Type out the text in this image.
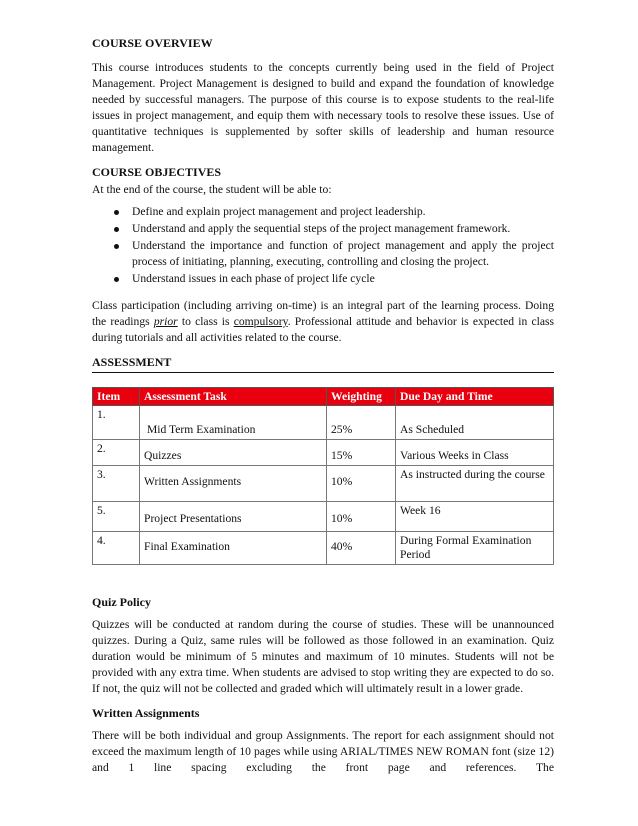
COURSE OVERVIEW

This course introduces students to the concepts currently being used in the field of Project Management. Project Management is designed to build and expand the foundation of knowledge needed by successful managers. The purpose of this course is to expose students to the real-life issues in project management, and equip them with necessary tools to resolve these issues. Use of quantitative techniques is supplemented by softer skills of leadership and human resource management.

COURSE OBJECTIVES

At the end of the course, the student will be able to:

Define and explain project management and project leadership.
Understand and apply the sequential steps of the project management framework.
Understand the importance and function of project management and apply the project process of initiating, planning, executing, controlling and closing the project.
Understand issues in each phase of project life cycle

Class participation (including arriving on-time) is an integral part of the learning process. Doing the readings prior to class is compulsory. Professional attitude and behavior is expected in class during tutorials and all activities related to the course.

ASSESSMENT
Item	Assessment Task	Weighting	Due Day and Time
1.	Mid Term Examination	25%	As Scheduled
2.	Quizzes	15%	Various Weeks in Class
3.	Written Assignments	10%	As instructed during the course
5.	Project Presentations	10%	Week 16
4.	Final Examination	40%	During Formal Examination Period
Quiz Policy

Quizzes will be conducted at random during the course of studies. These will be unannounced quizzes. During a Quiz, same rules will be followed as those followed in an examination. Quiz duration would be minimum of 5 minutes and maximum of 10 minutes. Students will not be provided with any extra time. When students are advised to stop writing they are expected to do so. If not, the quiz will not be collected and graded which will ultimately result in a lower grade.

Written Assignments

There will be both individual and group Assignments. The report for each assignment should not exceed the maximum length of 10 pages while using ARIAL/TIMES NEW ROMAN font (size 12) and 1 line spacing excluding the front page and references. The
